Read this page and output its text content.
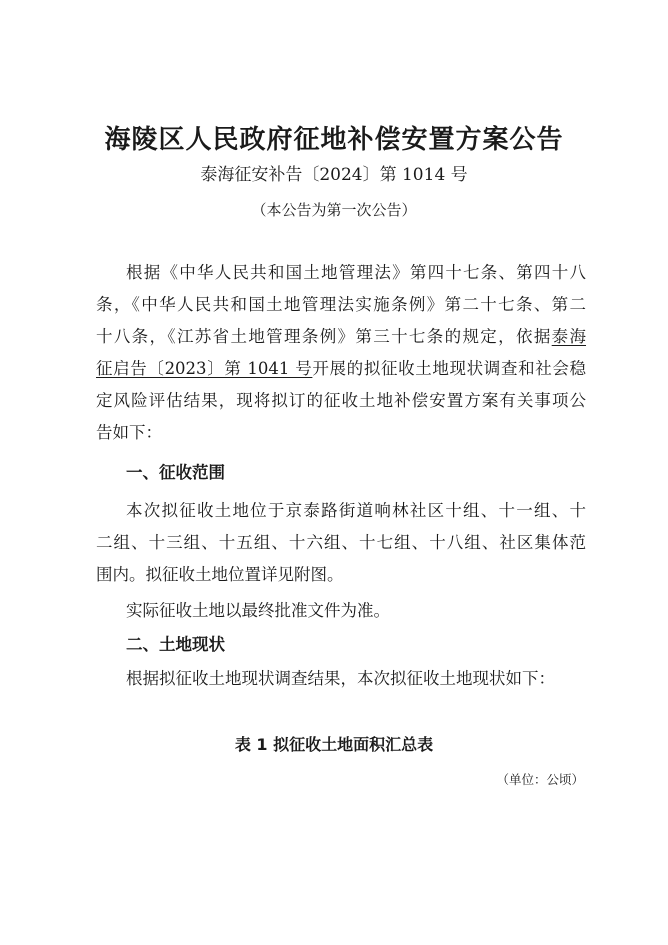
海陵区人民政府征地补偿安置方案公告
泰海征安补告〔2024〕第 1014 号
（本公告为第一次公告）
根据《中华人民共和国土地管理法》第四十七条、第四十八
条，《中华人民共和国土地管理法实施条例》第二十七条、第二
十八条，《江苏省土地管理条例》第三十七条的规定，依据泰海
征启告〔2023〕第 1041 号开展的拟征收土地现状调查和社会稳
定风险评估结果，现将拟订的征收土地补偿安置方案有关事项公
告如下：
一、征收范围
本次拟征收土地位于京泰路街道响林社区十组、十一组、十
二组、十三组、十五组、十六组、十七组、十八组、社区集体范
围内。拟征收土地位置详见附图。
实际征收土地以最终批准文件为准。
二、土地现状
根据拟征收土地现状调查结果，本次拟征收土地现状如下：
表 1 拟征收土地面积汇总表
（单位：公顷）
